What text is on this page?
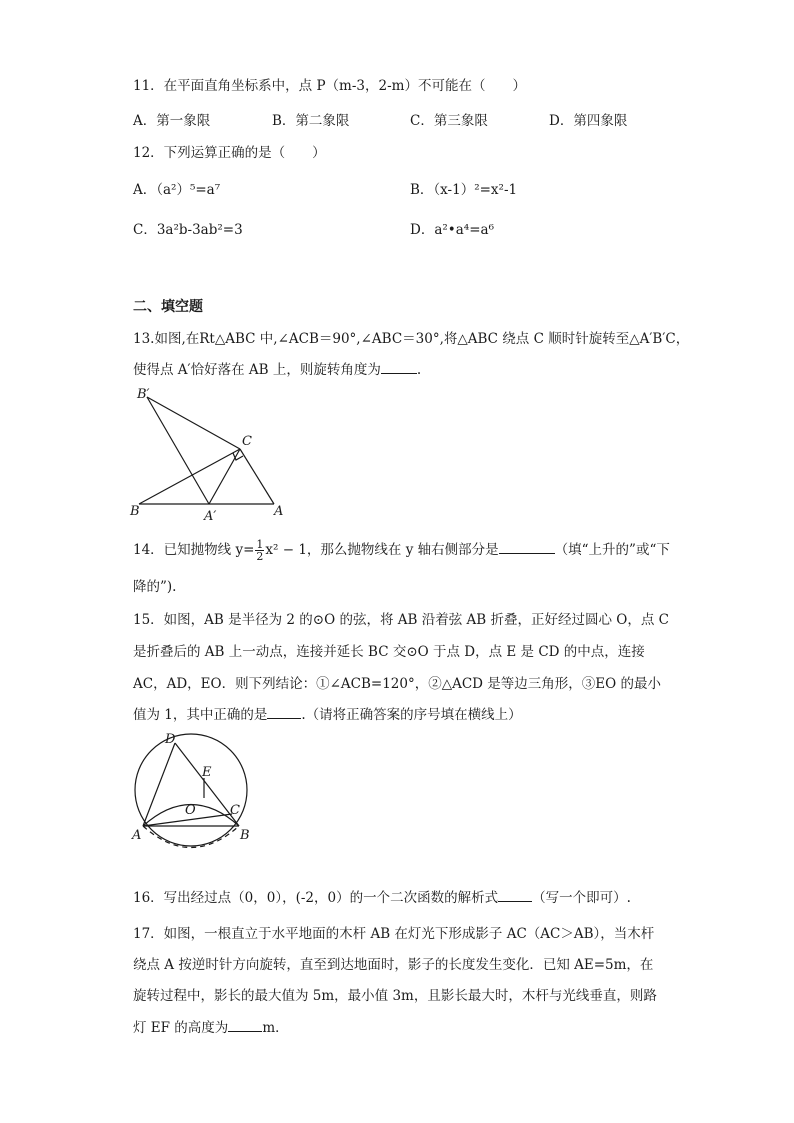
11．在平面直角坐标系中，点 P（m-3，2-m）不可能在（　　）
A．第一象限	B．第二象限	C．第三象限	D．第四象限
12．下列运算正确的是（　　）
A．（a²）⁵=a⁷	B．（x-1）²=x²-1
C．3a²b-3ab²=3	D．a²•a⁴=a⁶
二、填空题
13.如图,在Rt△ABC 中,∠ACB＝90°,∠ABC＝30°,将△ABC 绕点 C 顺时针旋转至△A′B′C，
使得点 A′恰好落在 AB 上，则旋转角度为	.
B′
C
B	A′	A
14．已知抛物线 $y= \frac{1}{2} x^2 - 1$，那么抛物线在 y 轴右侧部分是	（填“上升的”或“下
降的”).
15．如图，AB 是半径为 2 的⊙O 的弦，将 AB 沿着弦 AB 折叠，正好经过圆心 O，点 C
是折叠后的 AB 上一动点，连接并延长 BC 交⊙O 于点 D，点 E 是 CD 的中点，连接
AC，AD，EO．则下列结论：①∠ACB=120°，②△ACD 是等边三角形，③EO 的最小
值为 1，其中正确的是	.（请将正确答案的序号填在横线上）
D
E
O	C
A	B
16．写出经过点（0，0），(-2，0）的一个二次函数的解析式	（写一个即可）.
17．如图，一根直立于水平地面的木杆 AB 在灯光下形成影子 AC（AC＞AB），当木杆
绕点 A 按逆时针方向旋转，直至到达地面时，影子的长度发生变化．已知 AE=5m，在
旋转过程中，影长的最大值为 5m，最小值 3m，且影长最大时，木杆与光线垂直，则路
灯 EF 的高度为	m．
